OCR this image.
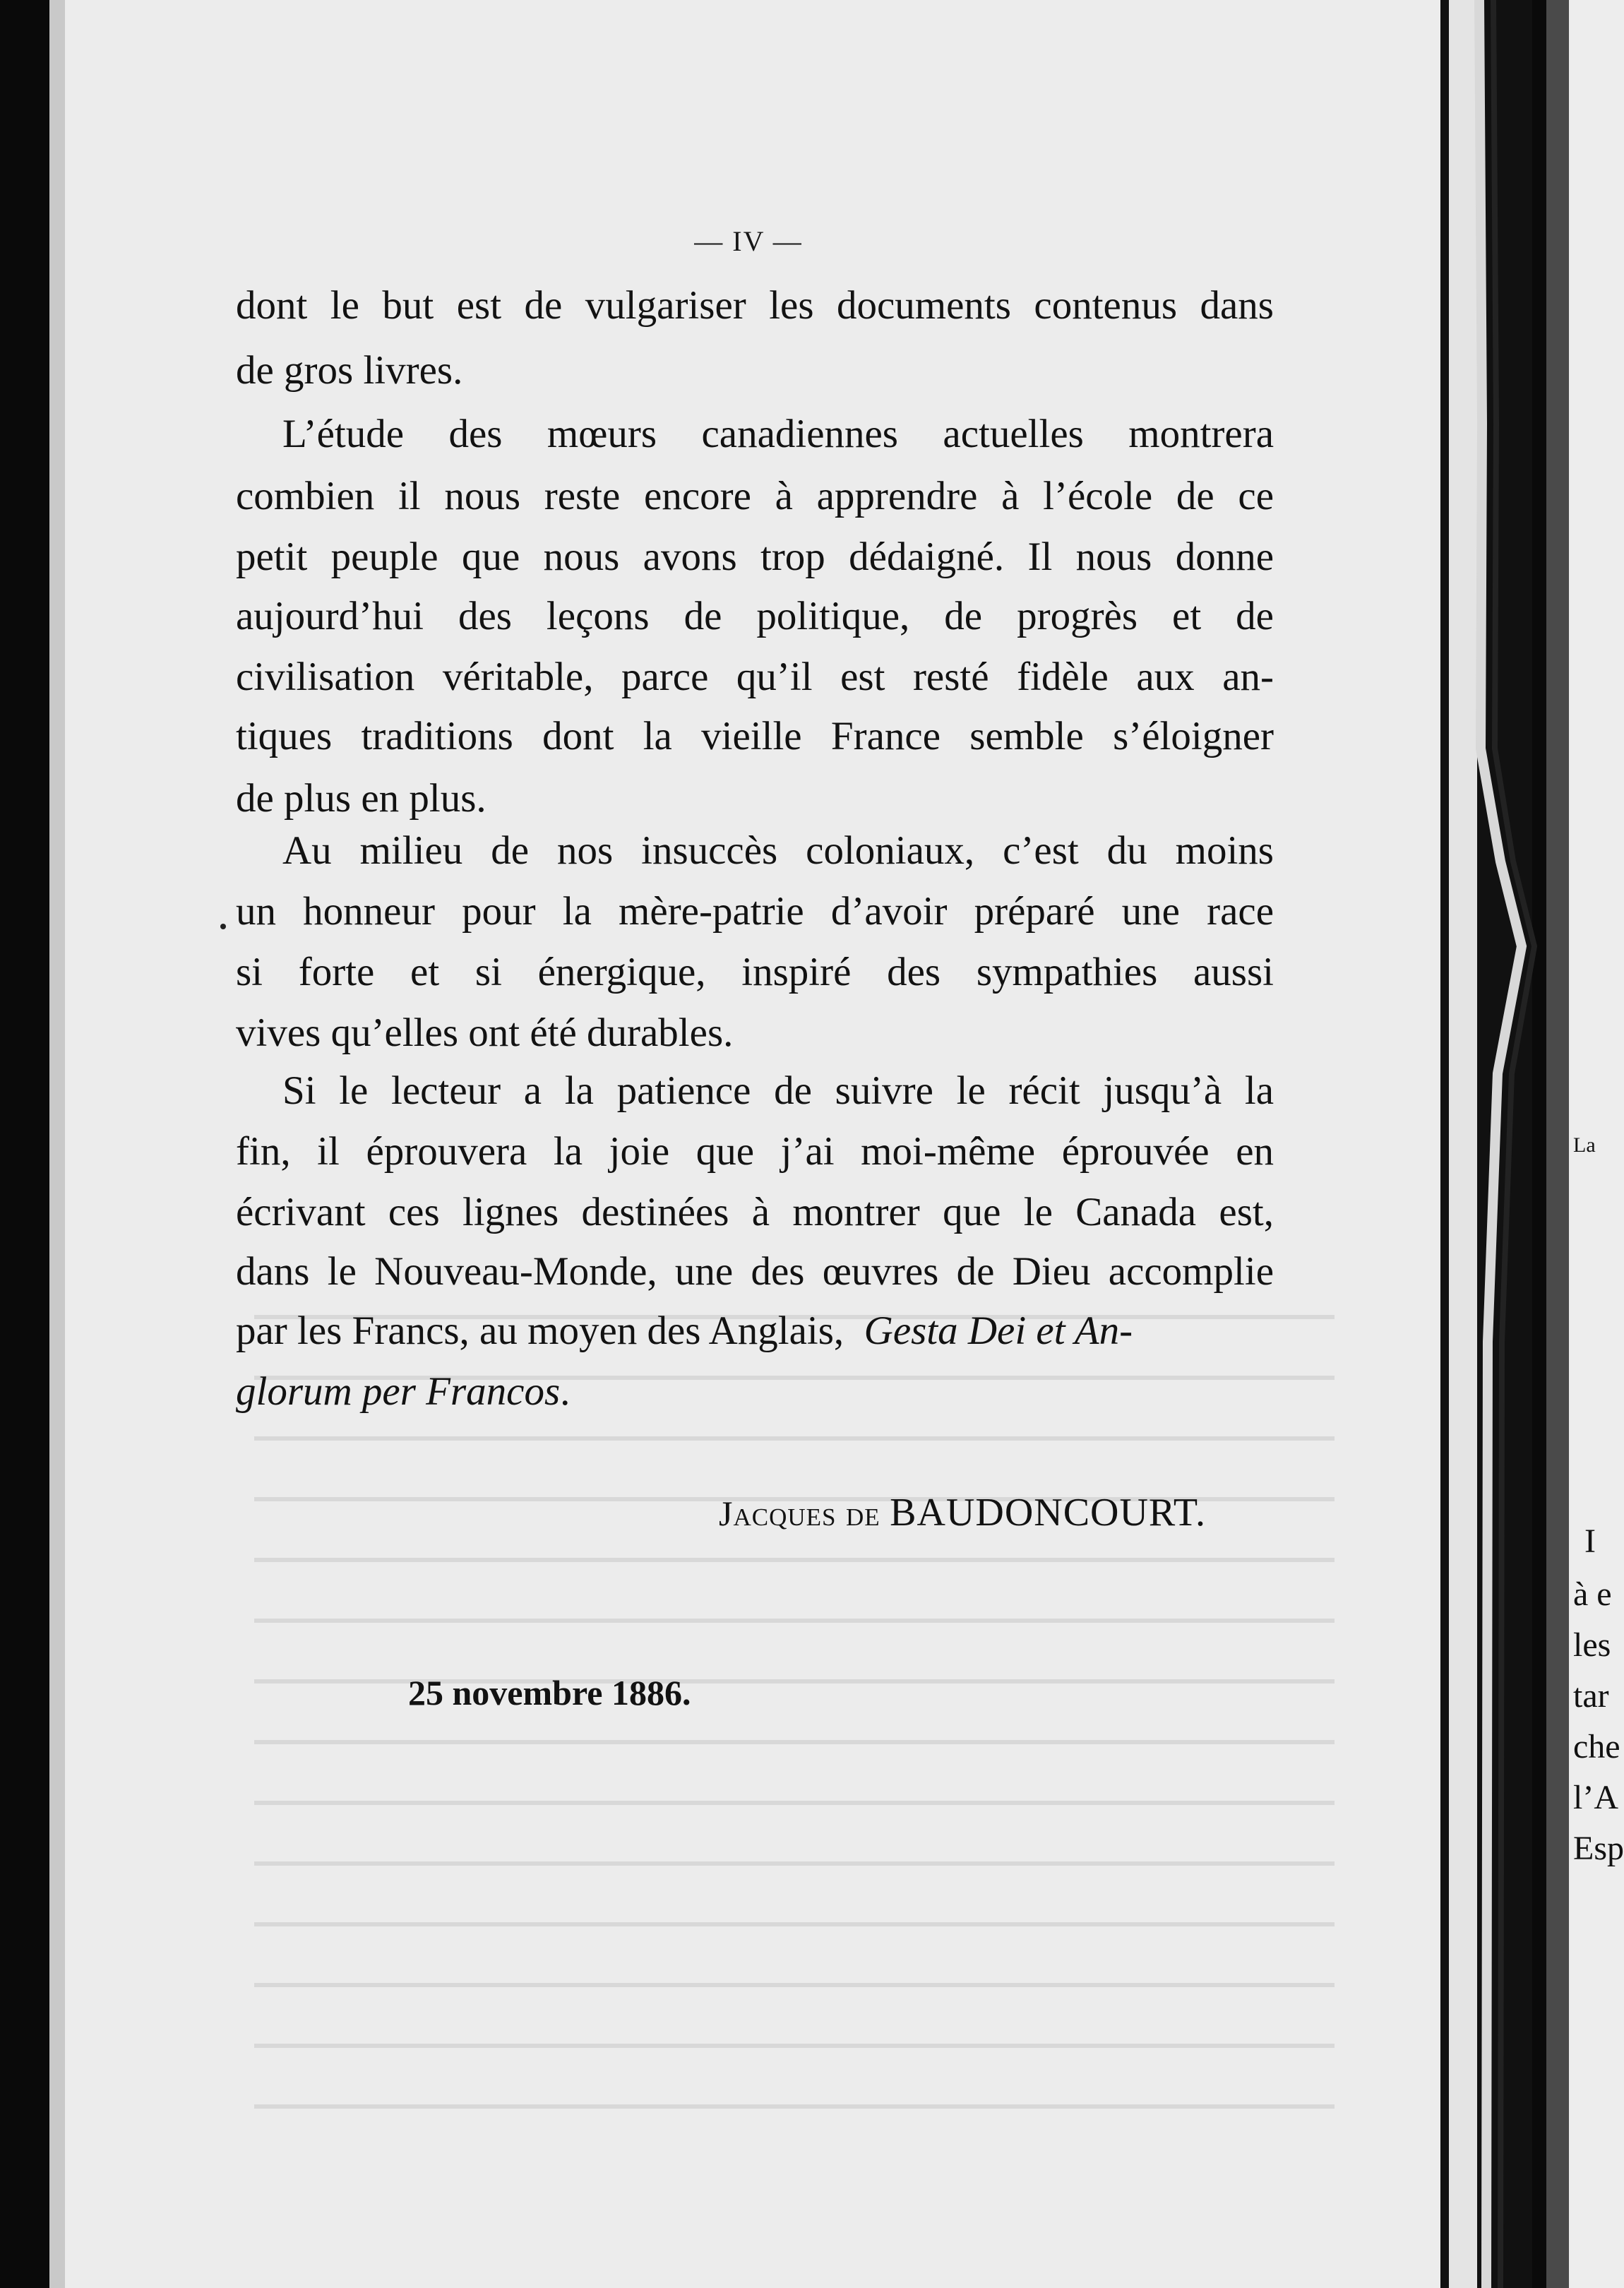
La
I
à e
les
tar
che
l’A
Esp
— IV —
dont le but est de vulgariser les documents contenus dans
de gros livres.
L’étude des mœurs canadiennes actuelles montrera
combien il nous reste encore à apprendre à l’école de ce
petit peuple que nous avons trop dédaigné. Il nous donne
aujourd’hui des leçons de politique, de progrès et de
civilisation véritable, parce qu’il est resté fidèle aux an-
tiques traditions dont la vieille France semble s’éloigner
de plus en plus.
Au milieu de nos insuccès coloniaux, c’est du moins
un honneur pour la mère-patrie d’avoir préparé une race
si forte et si énergique, inspiré des sympathies aussi
vives qu’elles ont été durables.
Si le lecteur a la patience de suivre le récit jusqu’à la
fin, il éprouvera la joie que j’ai moi-même éprouvée en
écrivant ces lignes destinées à montrer que le Canada est,
dans le Nouveau-Monde, une des œuvres de Dieu accomplie
par les Francs, au moyen des Anglais, Gesta Dei et An-
glorum per Francos.
Jacques de BAUDONCOURT.
25 novembre 1886.
